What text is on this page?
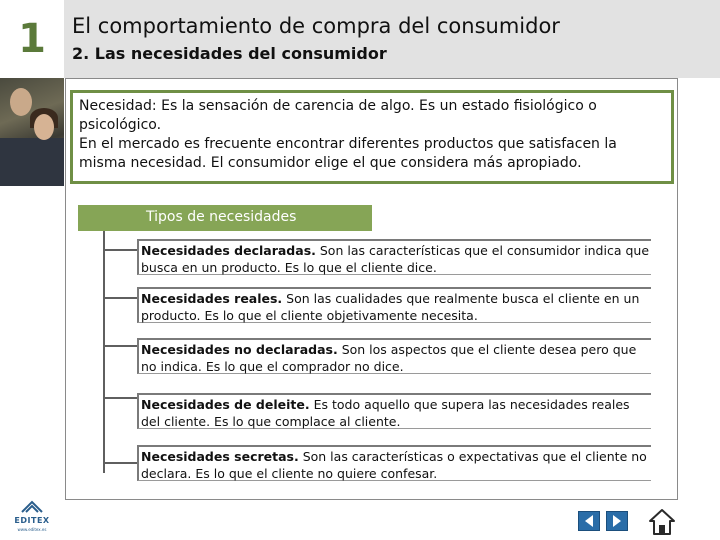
1	El comportamiento de compra del consumidor
2. Las necesidades del consumidor

Necesidad: Es la sensación de carencia de algo. Es un estado fisiológico o psicológico.

En el mercado es frecuente encontrar diferentes productos que satisfacen la misma necesidad. El consumidor elige el que considera más apropiado.

Tipos de necesidades
Necesidades declaradas. Son las características que el consumidor indica que busca en un producto. Es lo que el cliente dice.
Necesidades reales. Son las cualidades que realmente busca el cliente en un producto. Es lo que el cliente objetivamente necesita.
Necesidades no declaradas. Son los aspectos que el cliente desea pero que no indica. Es lo que el comprador no dice.
Necesidades de deleite. Es todo aquello que supera las necesidades reales del cliente. Es lo que complace al cliente.
Necesidades secretas. Son las características o expectativas que el cliente no declara. Es lo que el cliente no quiere confesar.
EDITEX
www.editex.es
